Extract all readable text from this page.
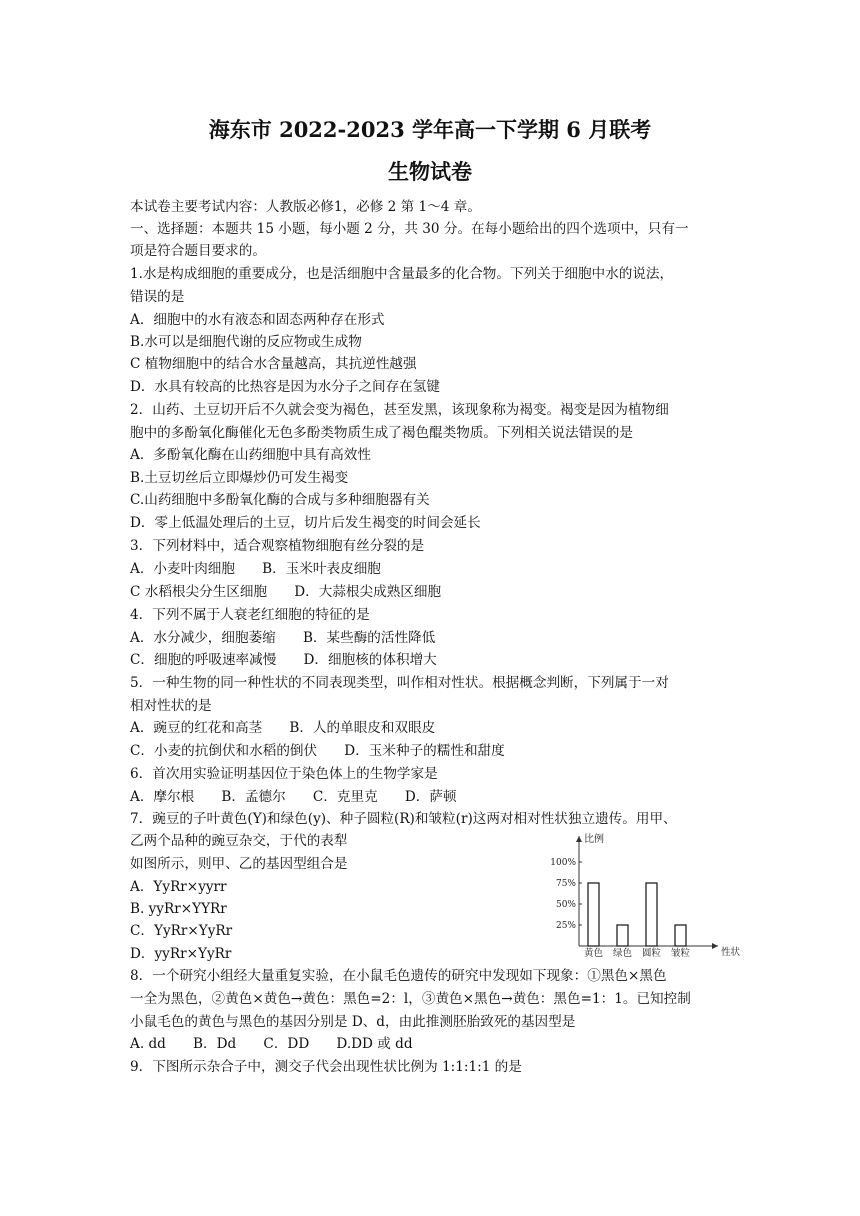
海东市 2022-2023 学年高一下学期 6 月联考
生物试卷
本试卷主要考试内容：人教版必修1，必修 2 第 1～4 章。
一、选择题：本题共 15 小题，每小题 2 分，共 30 分。在每小题给出的四个选项中，只有一
项是符合题目要求的。
1.水是构成细胞的重要成分，也是活细胞中含量最多的化合物。下列关于细胞中水的说法，
错误的是
A．细胞中的水有液态和固态两种存在形式
B.水可以是细胞代谢的反应物或生成物
C 植物细胞中的结合水含量越高，其抗逆性越强
D．水具有较高的比热容是因为水分子之间存在氢键
2．山药、土豆切开后不久就会变为褐色，甚至发黑，该现象称为褐变。褐变是因为植物细
胞中的多酚氧化酶催化无色多酚类物质生成了褐色醌类物质。下列相关说法错误的是
A．多酚氧化酶在山药细胞中具有高效性
B.土豆切丝后立即爆炒仍可发生褐变
C.山药细胞中多酚氧化酶的合成与多种细胞器有关
D．零上低温处理后的土豆，切片后发生褐变的时间会延长
3．下列材料中，适合观察植物细胞有丝分裂的是
A．小麦叶肉细胞　　B．玉米叶表皮细胞
C 水稻根尖分生区细胞　　D．大蒜根尖成熟区细胞
4．下列不属于人衰老红细胞的特征的是
A．水分减少，细胞萎缩　　B．某些酶的活性降低
C．细胞的呼吸速率减慢　　D．细胞核的体积增大
5．一种生物的同一种性状的不同表现类型，叫作相对性状。根据概念判断，下列属于一对
相对性状的是
A．豌豆的红花和高茎　　B．人的单眼皮和双眼皮
C．小麦的抗倒伏和水稻的倒伏　　D．玉米种子的糯性和甜度
6．首次用实验证明基因位于染色体上的生物学家是
A．摩尔根　　B．孟德尔　　C．克里克　　D．萨顿
7．豌豆的子叶黄色(Y)和绿色(y)、种子圆粒(R)和皱粒(r)这两对相对性状独立遗传。用甲、
乙两个品种的豌豆杂交，于代的表犁
如图所示，则甲、乙的基因型组合是
A．YyRr×yyrr
B. yyRr×YYRr
C．YyRr×YyRr
D．yyRr×YyRr
8．一个研究小组经大量重复实验，在小鼠毛色遗传的研究中发现如下现象：①黑色×黑色
一全为黑色，②黄色×黄色→黄色：黑色=2：l，③黄色×黑色→黄色：黑色=1：1。已知控制
小鼠毛色的黄色与黑色的基因分别是 D、d，由此推测胚胎致死的基因型是
A. dd　　B．Dd　　C．DD　　D.DD 或 dd
9．下图所示杂合子中，测交子代会出现性状比例为 1:1:1:1 的是
比例
性状
25%
50%
75%
100%
黄色 绿色 圆粒 皱粒
